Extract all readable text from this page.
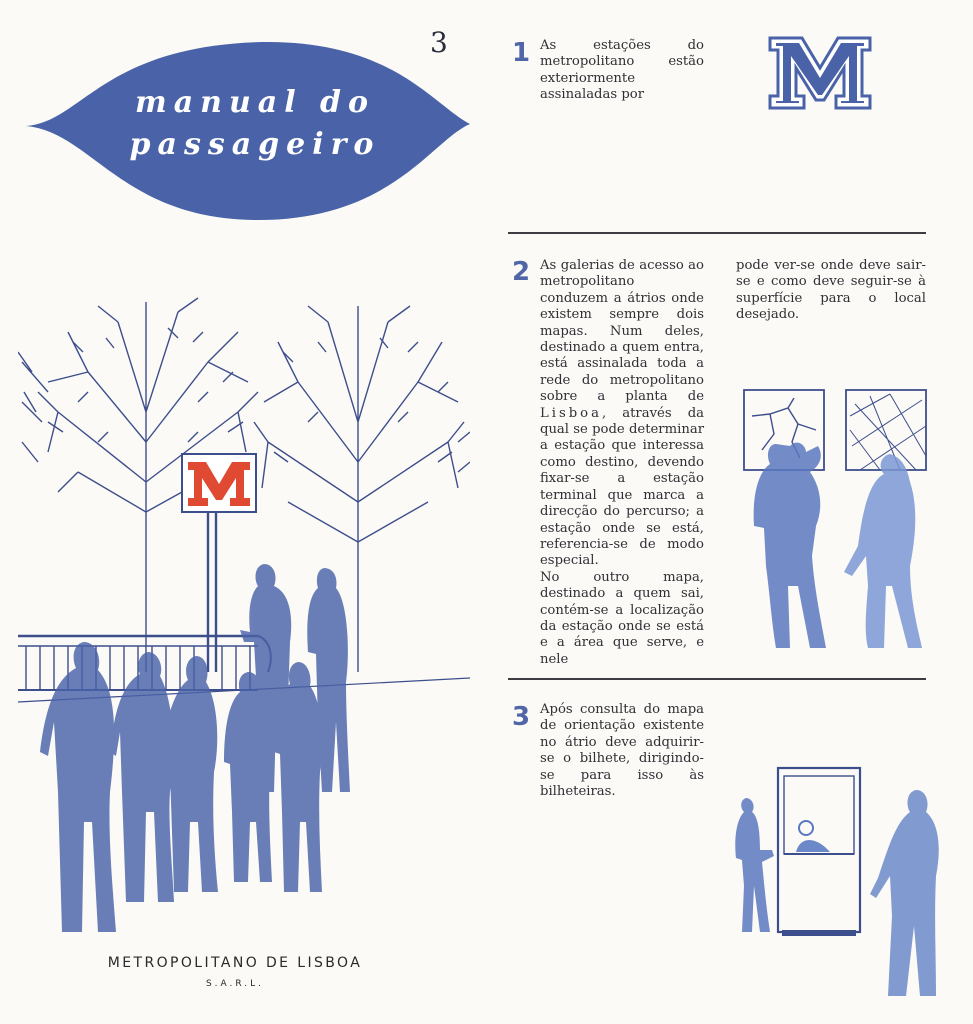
3
manual do
passageiro
1 As estações do metropolitano estão exteriormente assinaladas por

2 As galerias de acesso ao metropolitano conduzem a átrios onde existem sempre dois mapas. Num deles, destinado a quem entra, está assinalada toda a rede do metropolitano sobre a planta de Lisboa, através da qual se pode determinar a estação que interessa como destino, devendo fixar-se a estação terminal que marca a direcção do percurso; a estação onde se está, referencia-se de modo especial.

No outro mapa, destinado a quem sai, contém-se a localização da estação onde se está e a área que serve, e nele

pode ver-se onde deve sair-se e como deve seguir-se à superfície para o local desejado.

3 Após consulta do mapa de orientação existente no átrio deve adquirir-se o bilhete, dirigindo-se para isso às bilheteiras.

METROPOLITANO DE LISBOA
S.A.R.L.
